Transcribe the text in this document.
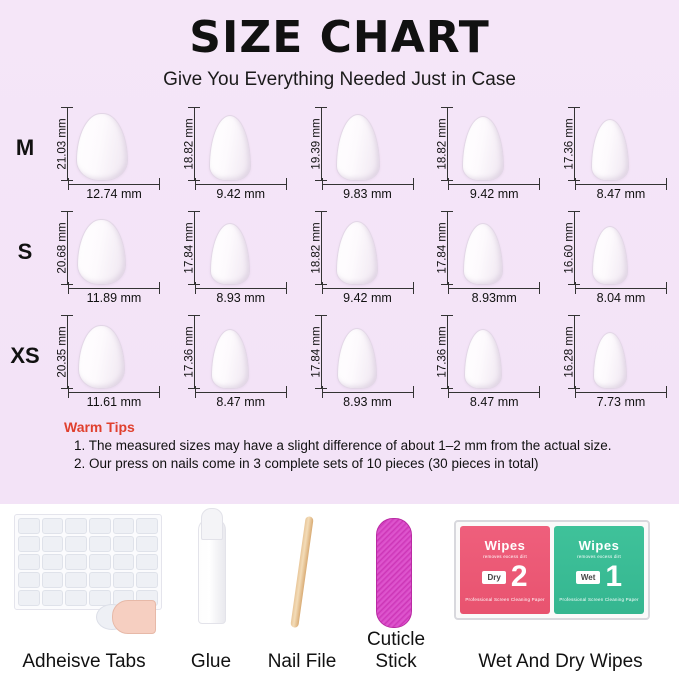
SIZE CHART
Give You Everything Needed Just in Case
M	21.03 mm
12.74 mm
18.82 mm
9.42 mm
19.39 mm
9.83 mm
18.82 mm
9.42 mm
17.36 mm
8.47 mm
S	20.68 mm
11.89 mm
17.84 mm
8.93 mm
18.82 mm
9.42 mm
17.84 mm
8.93mm
16.60 mm
8.04 mm
XS	20.35 mm
11.61 mm
17.36 mm
8.47 mm
17.84 mm
8.93 mm
17.36 mm
8.47 mm
16.28 mm
7.73 mm
Warm Tips
1. The measured sizes may have a slight difference of about 1–2 mm from the actual size.
2. Our press on nails come in 3 complete sets of 10 pieces (30 pieces in total)
Adheisve Tabs	Glue	Nail File
Cuticle Stick
Wipes
removes excess dirt
Dry 2
Professional Screen Cleaning Paper
Wipes
removes excess dirt
Wet 1
Professional Screen Cleaning Paper
Wet And Dry Wipes
